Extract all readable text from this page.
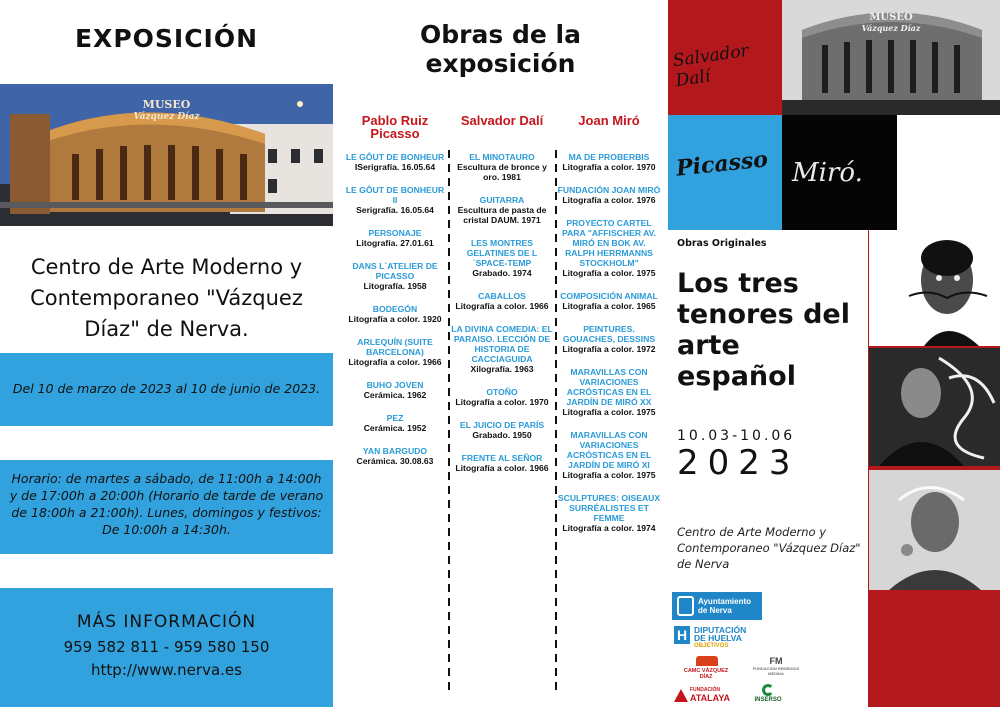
EXPOSICIÓN
MUSEO
Vázquez Díaz

Centro de Arte Moderno y Contemporaneo "Vázquez Díaz" de Nerva.

Del 10 de marzo de 2023 al 10 de junio de 2023.
Horario: de martes a sábado, de 11:00h a 14:00h y de 17:00h a 20:00h (Horario de tarde de verano de 18:00h a 21:00h). Lunes, domingos y festivos: De 10:00h a 14:30h.
MÁS INFORMACIÓN
959 582 811 - 959 580 150
http://www.nerva.es
Obras de la exposición
Pablo Ruiz Picasso
LE GÔUT DE BONHEUR
ISerigrafía. 16.05.64
LE GÔUT DE BONHEUR II
Serigrafía. 16.05.64
PERSONAJE
Litografía. 27.01.61
DANS L´ATELIER DE PICASSO
Litografía. 1958
BODEGÓN
Litografía a color. 1920
ARLEQUÍN (SUITE BARCELONA)
Litografía a color. 1966
BUHO JOVEN
Cerámica. 1962
PEZ
Cerámica. 1952
YAN BARGUDO
Cerámica. 30.08.63
Salvador Dalí
EL MINOTAURO
Escultura de bronce y oro. 1981
GUITARRA
Escultura de pasta de cristal DAUM. 1971
LES MONTRES GELATINES DE L´SPACE-TEMP
Grabado. 1974
CABALLOS
Litografía a color. 1966
LA DIVINA COMEDIA: EL PARAISO. LECCIÓN DE HISTORIA DE CACCIAGUIDA
Xilografía. 1963
OTOÑO
Litografía a color. 1970
EL JUICIO DE PARÍS
Grabado. 1950
FRENTE AL SEÑOR
Litografía a color. 1966
Joan Miró
MA DE PROBERBIS
Litografía a color. 1970
FUNDACIÓN JOAN MIRÓ
Litografía a color. 1976
PROYECTO CARTEL PARA "AFFISCHER AV. MIRÓ EN BOK AV. RALPH HERRMANNS STOCKHOLM"
Litografía a color. 1975
COMPOSICIÓN ANIMAL
Litografía a color. 1965
PEINTURES. GOUACHES, DESSINS
Litografía a color. 1972
MARAVILLAS CON VARIACIONES ACRÓSTICAS EN EL JARDÍN DE MIRÓ XX
Litografía a color. 1975
MARAVILLAS CON VARIACIONES ACRÓSTICAS EN EL JARDÍN DE MIRÓ XI
Litografía a color. 1975
SCULPTURES: OISEAUX SURRÉALISTES ET FEMME
Litografía a color. 1974
Salvador Dalí
MUSEO
Vázquez Díaz
Picasso Miró.
Obras Originales
Los tres tenores del arte español
10.03-10.06
2023

Centro de Arte Moderno y Contemporaneo "Vázquez Díaz" de Nerva

Ayuntamiento de Nerva
H DIPUTACIÓN DE HUELVA
OBJETIVOS
CAMC VÁZQUEZ DÍAZ
FM
FUNDACIÓN REMEDIOS MEDINA
FUNDACIÓN
ATALAYA	INSERSO
